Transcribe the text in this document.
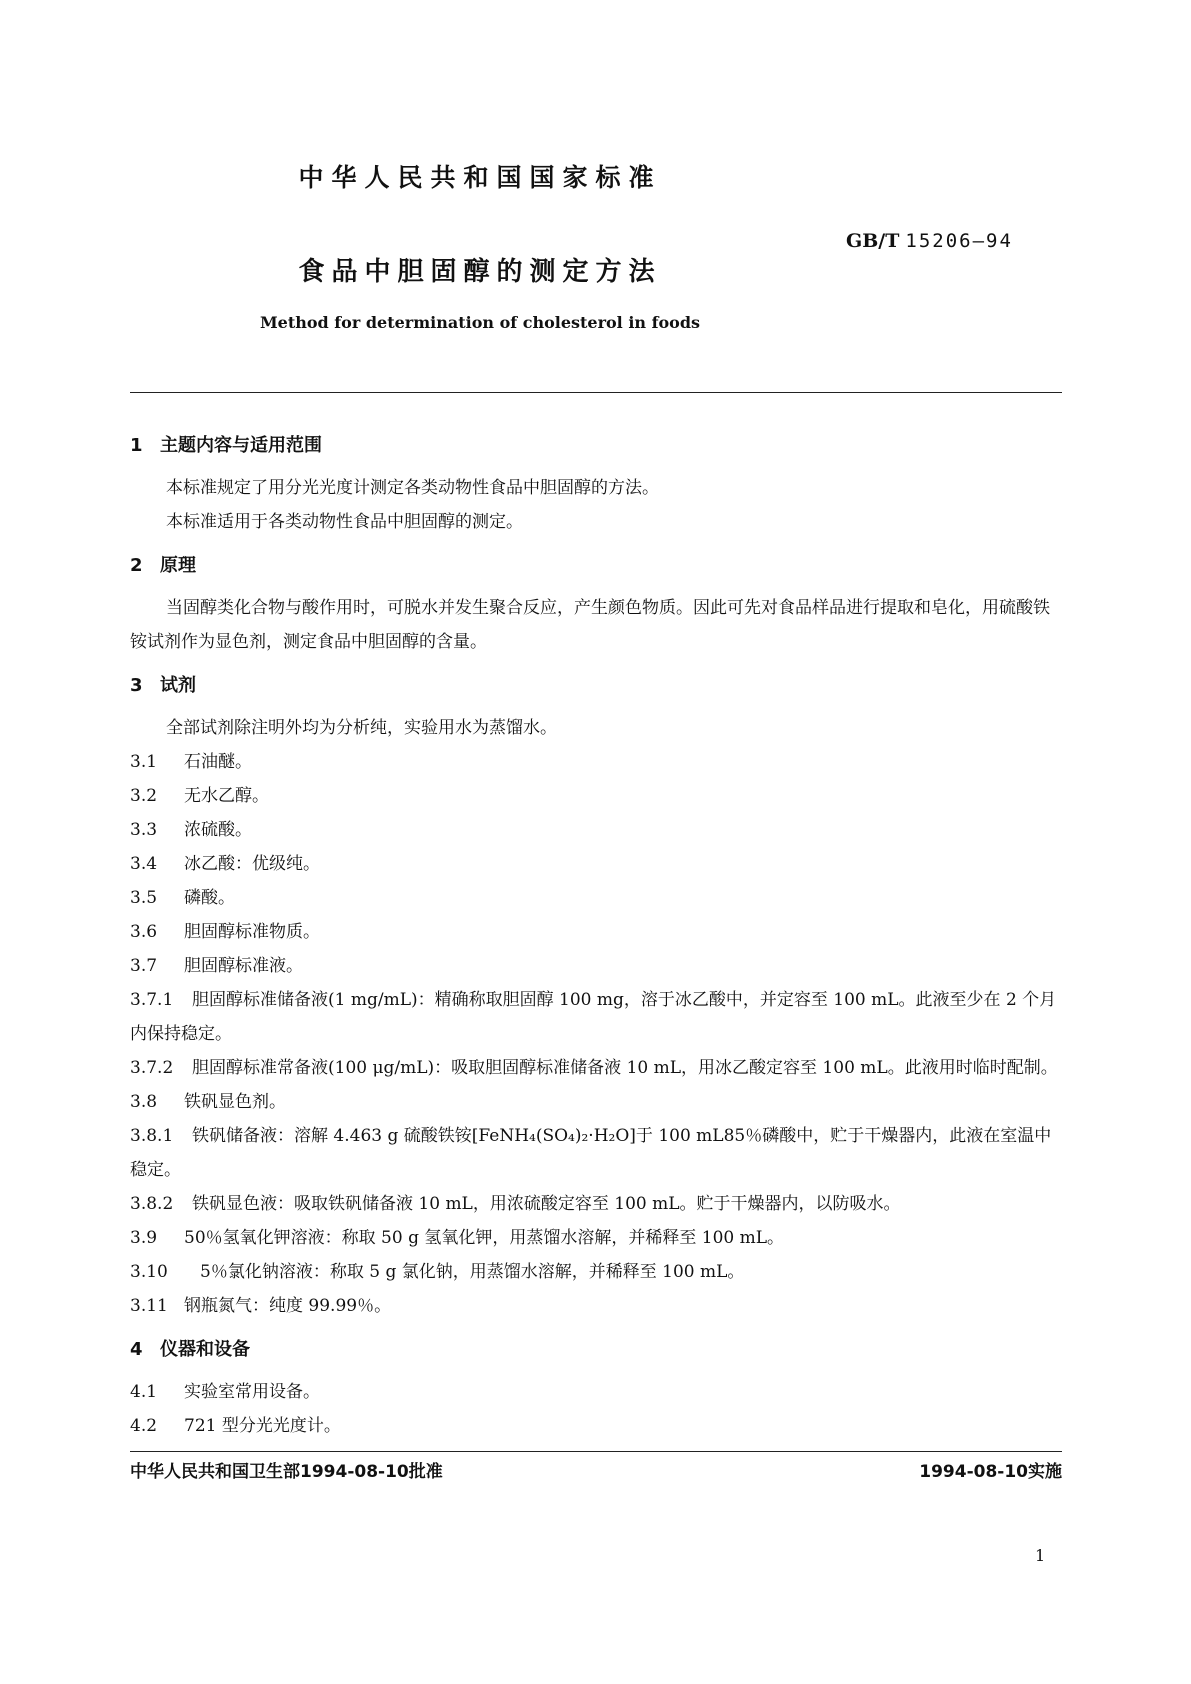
中华人民共和国国家标准
GB/T 15206—94
食品中胆固醇的测定方法
Method for determination of cholesterol in foods
1 主题内容与适用范围

本标准规定了用分光光度计测定各类动物性食品中胆固醇的方法。

本标准适用于各类动物性食品中胆固醇的测定。

2 原理

当固醇类化合物与酸作用时，可脱水并发生聚合反应，产生颜色物质。因此可先对食品样品进行提取和皂化，用硫酸铁铵试剂作为显色剂，测定食品中胆固醇的含量。

3 试剂

全部试剂除注明外均为分析纯，实验用水为蒸馏水。

3.1 石油醚。

3.2 无水乙醇。

3.3 浓硫酸。

3.4 冰乙酸：优级纯。

3.5 磷酸。

3.6 胆固醇标准物质。

3.7 胆固醇标准液。

3.7.1 胆固醇标准储备液(1 mg/mL)：精确称取胆固醇 100 mg，溶于冰乙酸中，并定容至 100 mL。此液至少在 2 个月内保持稳定。

3.7.2 胆固醇标准常备液(100 μg/mL)：吸取胆固醇标准储备液 10 mL，用冰乙酸定容至 100 mL。此液用时临时配制。

3.8 铁矾显色剂。

3.8.1 铁矾储备液：溶解 4.463 g 硫酸铁铵[FeNH₄(SO₄)₂·H₂O]于 100 mL85％磷酸中，贮于干燥器内，此液在室温中稳定。

3.8.2 铁矾显色液：吸取铁矾储备液 10 mL，用浓硫酸定容至 100 mL。贮于干燥器内，以防吸水。

3.9 50％氢氧化钾溶液：称取 50 g 氢氧化钾，用蒸馏水溶解，并稀释至 100 mL。

3.10 5％氯化钠溶液：称取 5 g 氯化钠，用蒸馏水溶解，并稀释至 100 mL。

3.11 钢瓶氮气：纯度 99.99％。

4 仪器和设备

4.1 实验室常用设备。

4.2 721 型分光光度计。

中华人民共和国卫生部1994-08-10批准	1994-08-10实施
1
